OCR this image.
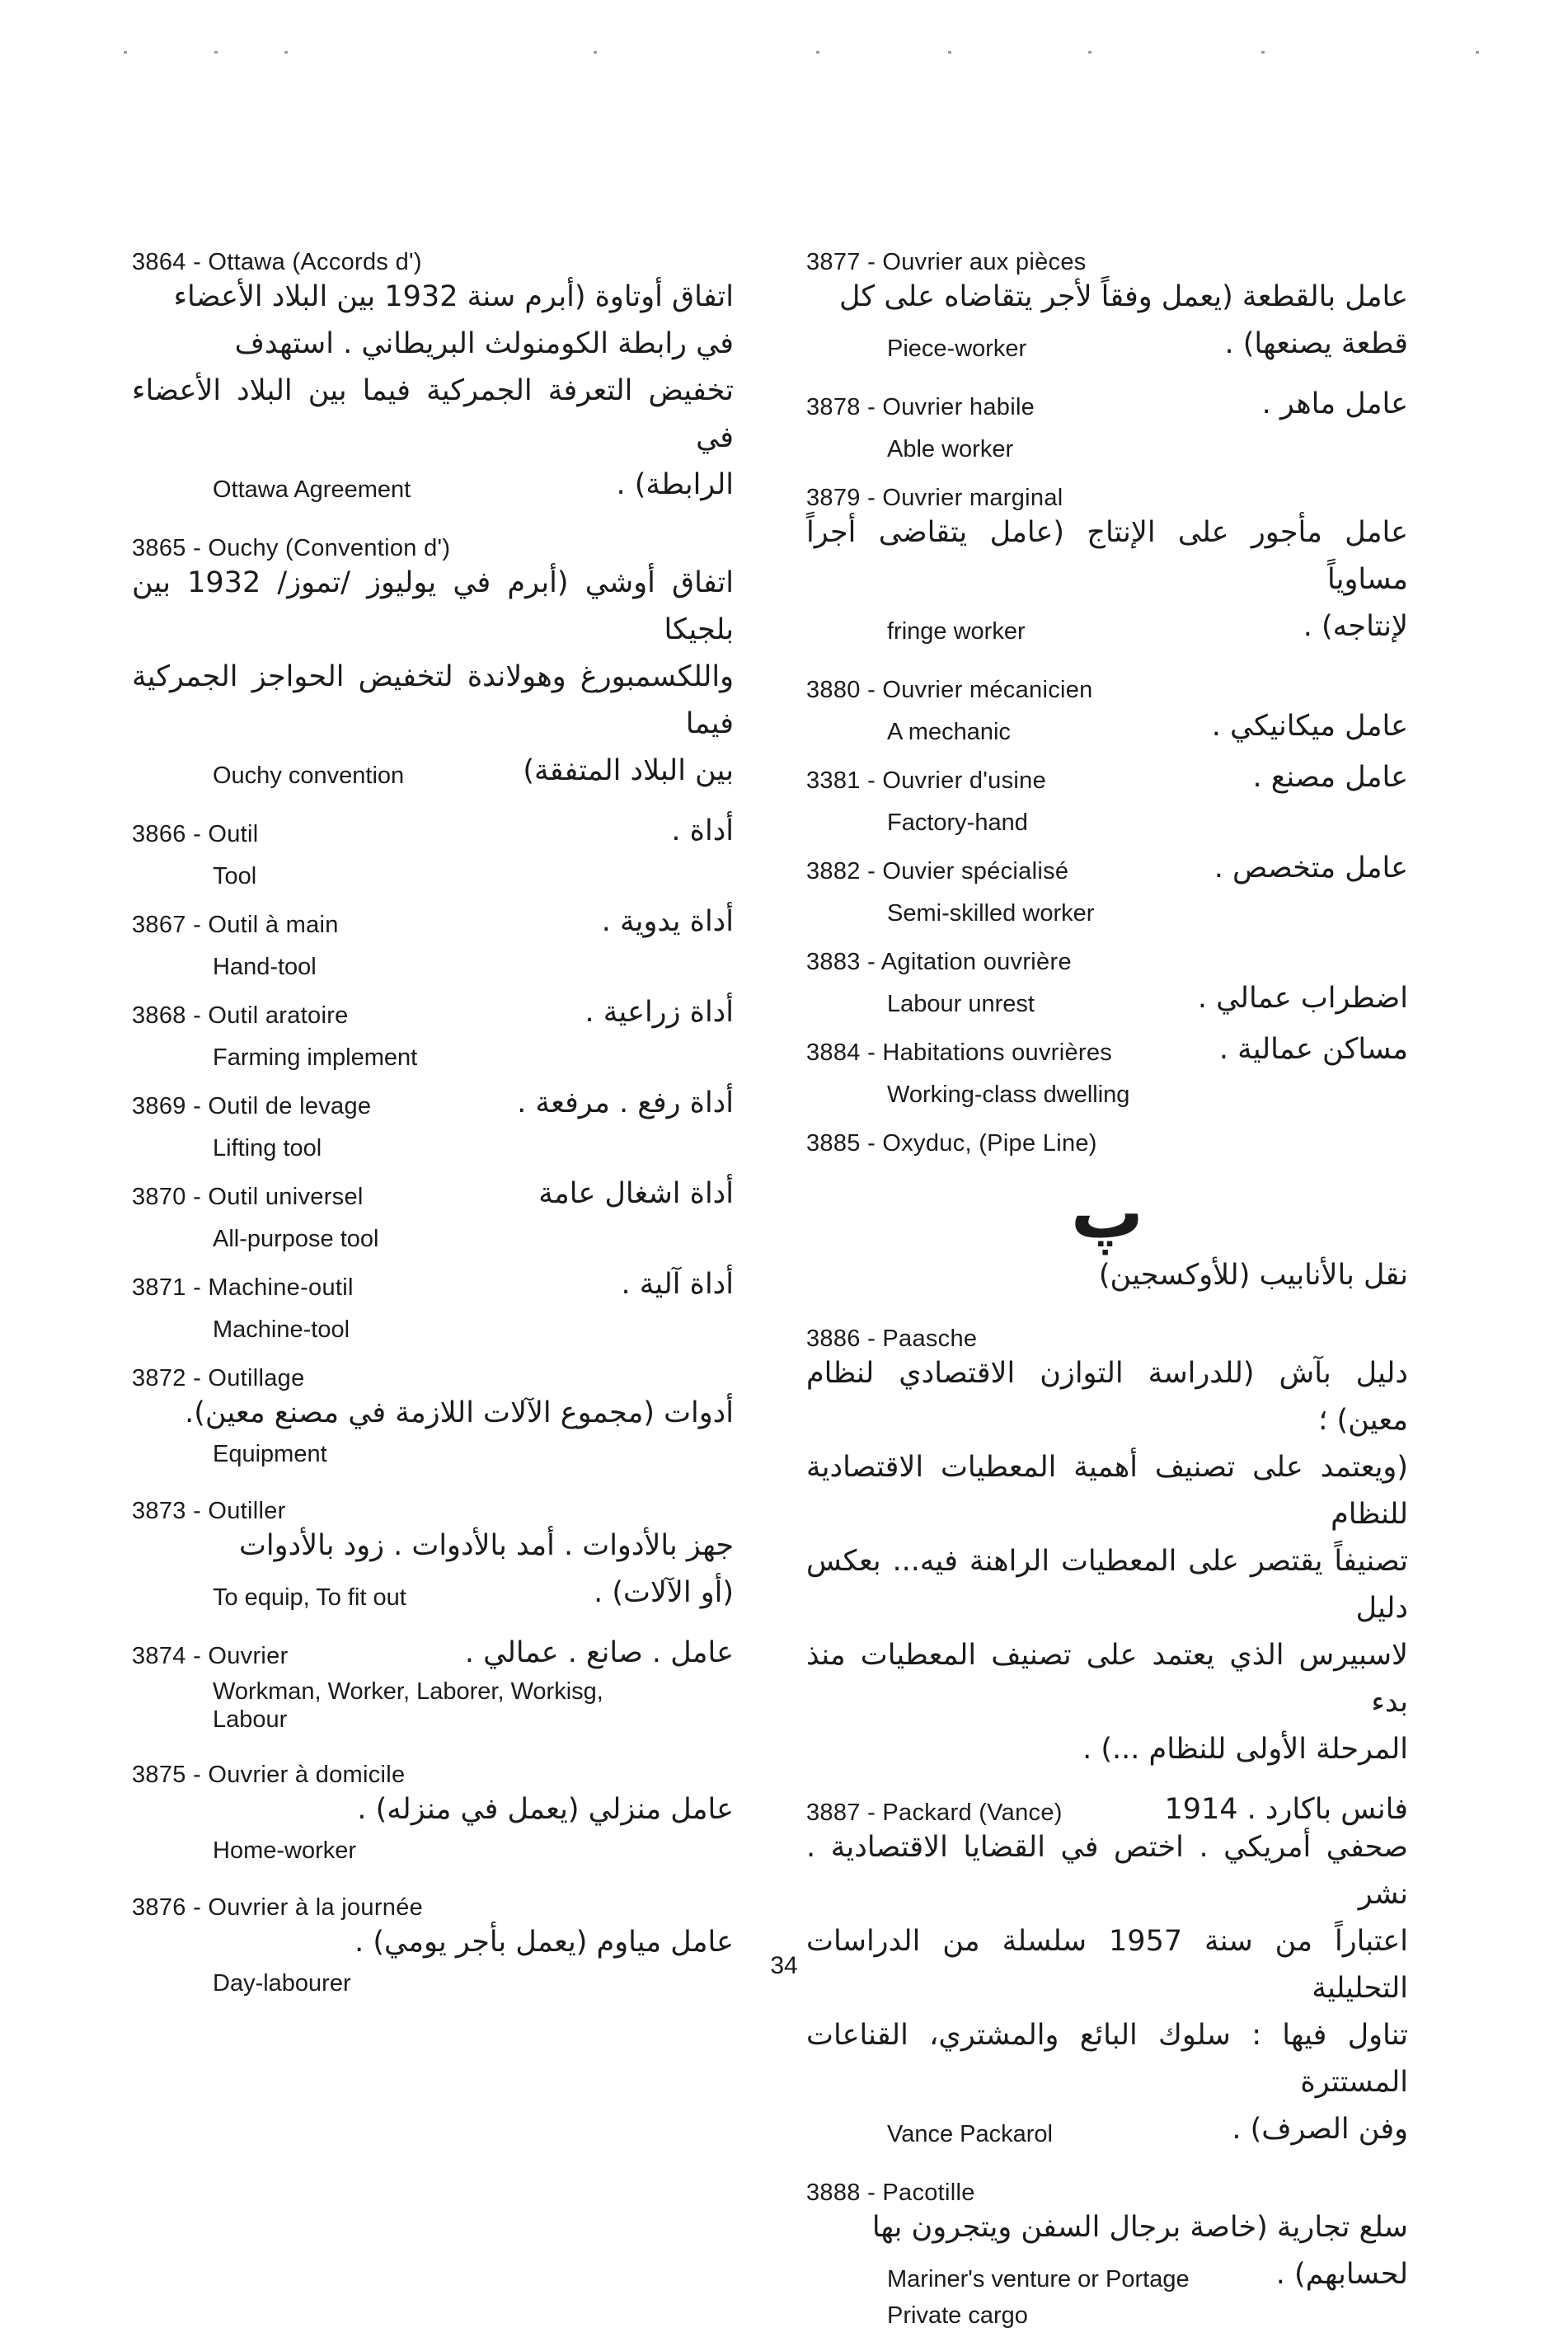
3864 - Ottawa (Accords d')
اتفاق أوتاوة (أبرم سنة 1932 بين البلاد الأعضاء
في رابطة الكومنولث البريطاني . استهدف
تخفيض التعرفة الجمركية فيما بين البلاد الأعضاء في
الرابطة) .
Ottawa Agreement
3865 - Ouchy (Convention d')
اتفاق أوشي (أبرم في يوليوز /تموز/ 1932 بين بلجيكا
واللكسمبورغ وهولاندة لتخفيض الحواجز الجمركية فيما
بين البلاد المتفقة)
Ouchy convention
3866 - Outil	أداة .
Tool
3867 - Outil à main	أداة يدوية .
Hand-tool
3868 - Outil aratoire	أداة زراعية .
Farming implement
3869 - Outil de levage	أداة رفع . مرفعة .
Lifting tool
3870 - Outil universel	أداة اشغال عامة
All-purpose tool
3871 - Machine-outil	أداة آلية .
Machine-tool
3872 - Outillage
أدوات (مجموع الآلات اللازمة في مصنع معين).
Equipment
3873 - Outiller
جهز بالأدوات . أمد بالأدوات . زود بالأدوات
(أو الآلات) .
To equip, To fit out
3874 - Ouvrier	عامل . صانع . عمالي .
Workman, Worker, Laborer, Workisg,
Labour
3875 - Ouvrier à domicile
عامل منزلي (يعمل في منزله) .
Home-worker
3876 - Ouvrier à la journée
عامل مياوم (يعمل بأجر يومي) .
Day-labourer
3877 - Ouvrier aux pièces
عامل بالقطعة (يعمل وفقاً لأجر يتقاضاه على كل
قطعة يصنعها) .
Piece-worker
3878 - Ouvrier habile	عامل ماهر .
Able worker
3879 - Ouvrier marginal
عامل مأجور على الإنتاج (عامل يتقاضى أجراً مساوياً
لإنتاجه) .
fringe worker
3880 - Ouvrier mécanicien
A mechanic	عامل ميكانيكي .
3381 - Ouvrier d'usine	عامل مصنع .
Factory-hand
3882 - Ouvier spécialisé	عامل متخصص .
Semi-skilled worker
3883 - Agitation ouvrière
Labour unrest	اضطراب عمالي .
3884 - Habitations ouvrières	مساكن عمالية .
Working-class dwelling
3885 - Oxyduc, (Pipe Line)
ﭖ
نقل بالأنابيب (للأوكسجين)
3886 - Paasche
دليل بآش (للدراسة التوازن الاقتصادي لنظام معين) ؛
(ويعتمد على تصنيف أهمية المعطيات الاقتصادية للنظام
تصنيفاً يقتصر على المعطيات الراهنة فيه... بعكس دليل
لاسبيرس الذي يعتمد على تصنيف المعطيات منذ بدء
المرحلة الأولى للنظام ...) .
3887 - Packard (Vance)	فانس باكارد . 1914
صحفي أمريكي . اختص في القضايا الاقتصادية . نشر
اعتباراً من سنة 1957 سلسلة من الدراسات التحليلية
تناول فيها : سلوك البائع والمشتري، القناعات المستترة
وفن الصرف) .
Vance Packarol
3888 - Pacotille
سلع تجارية (خاصة برجال السفن ويتجرون بها
لحسابهم) .
Mariner's venture or Portage
Private cargo
34
